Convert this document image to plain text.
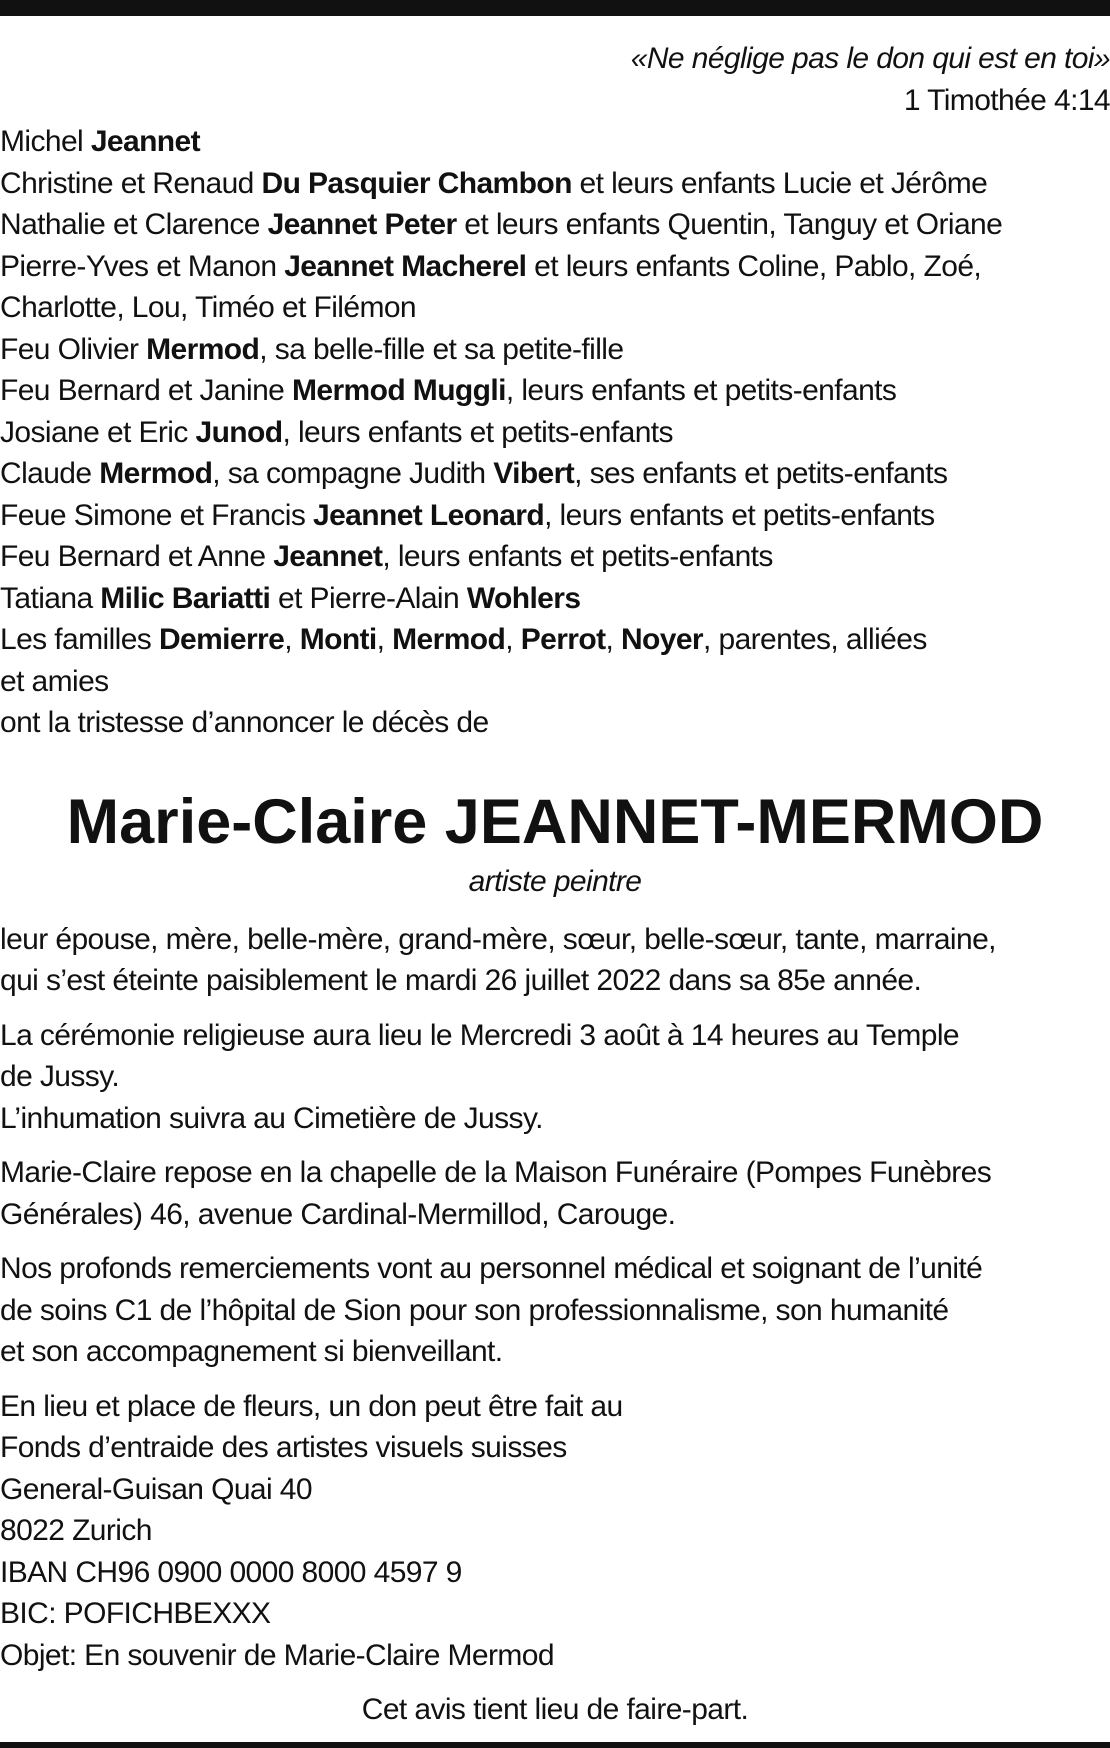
«Ne néglige pas le don qui est en toi»
1 Timothée 4:14
Michel Jeannet
Christine et Renaud Du Pasquier Chambon et leurs enfants Lucie et Jérôme
Nathalie et Clarence Jeannet Peter et leurs enfants Quentin, Tanguy et Oriane
Pierre-Yves et Manon Jeannet Macherel et leurs enfants Coline, Pablo, Zoé,
Charlotte, Lou, Timéo et Filémon
Feu Olivier Mermod, sa belle-fille et sa petite-fille
Feu Bernard et Janine Mermod Muggli, leurs enfants et petits-enfants
Josiane et Eric Junod, leurs enfants et petits-enfants
Claude Mermod, sa compagne Judith Vibert, ses enfants et petits-enfants
Feue Simone et Francis Jeannet Leonard, leurs enfants et petits-enfants
Feu Bernard et Anne Jeannet, leurs enfants et petits-enfants
Tatiana Milic Bariatti et Pierre-Alain Wohlers
Les familles Demierre, Monti, Mermod, Perrot, Noyer, parentes, alliées
et amies
ont la tristesse d’annoncer le décès de
Marie-Claire JEANNET-MERMOD
artiste peintre
leur épouse, mère, belle-mère, grand-mère, sœur, belle-sœur, tante, marraine,
qui s’est éteinte paisiblement le mardi 26 juillet 2022 dans sa 85e année.
La cérémonie religieuse aura lieu le Mercredi 3 août à 14 heures au Temple
de Jussy.
L’inhumation suivra au Cimetière de Jussy.
Marie-Claire repose en la chapelle de la Maison Funéraire (Pompes Funèbres
Générales) 46, avenue Cardinal-Mermillod, Carouge.
Nos profonds remerciements vont au personnel médical et soignant de l’unité
de soins C1 de l’hôpital de Sion pour son professionnalisme, son humanité
et son accompagnement si bienveillant.
En lieu et place de fleurs, un don peut être fait au
Fonds d’entraide des artistes visuels suisses
General-Guisan Quai 40
8022 Zurich
IBAN CH96 0900 0000 8000 4597 9
BIC: POFICHBEXXX
Objet: En souvenir de Marie-Claire Mermod
Cet avis tient lieu de faire-part.
